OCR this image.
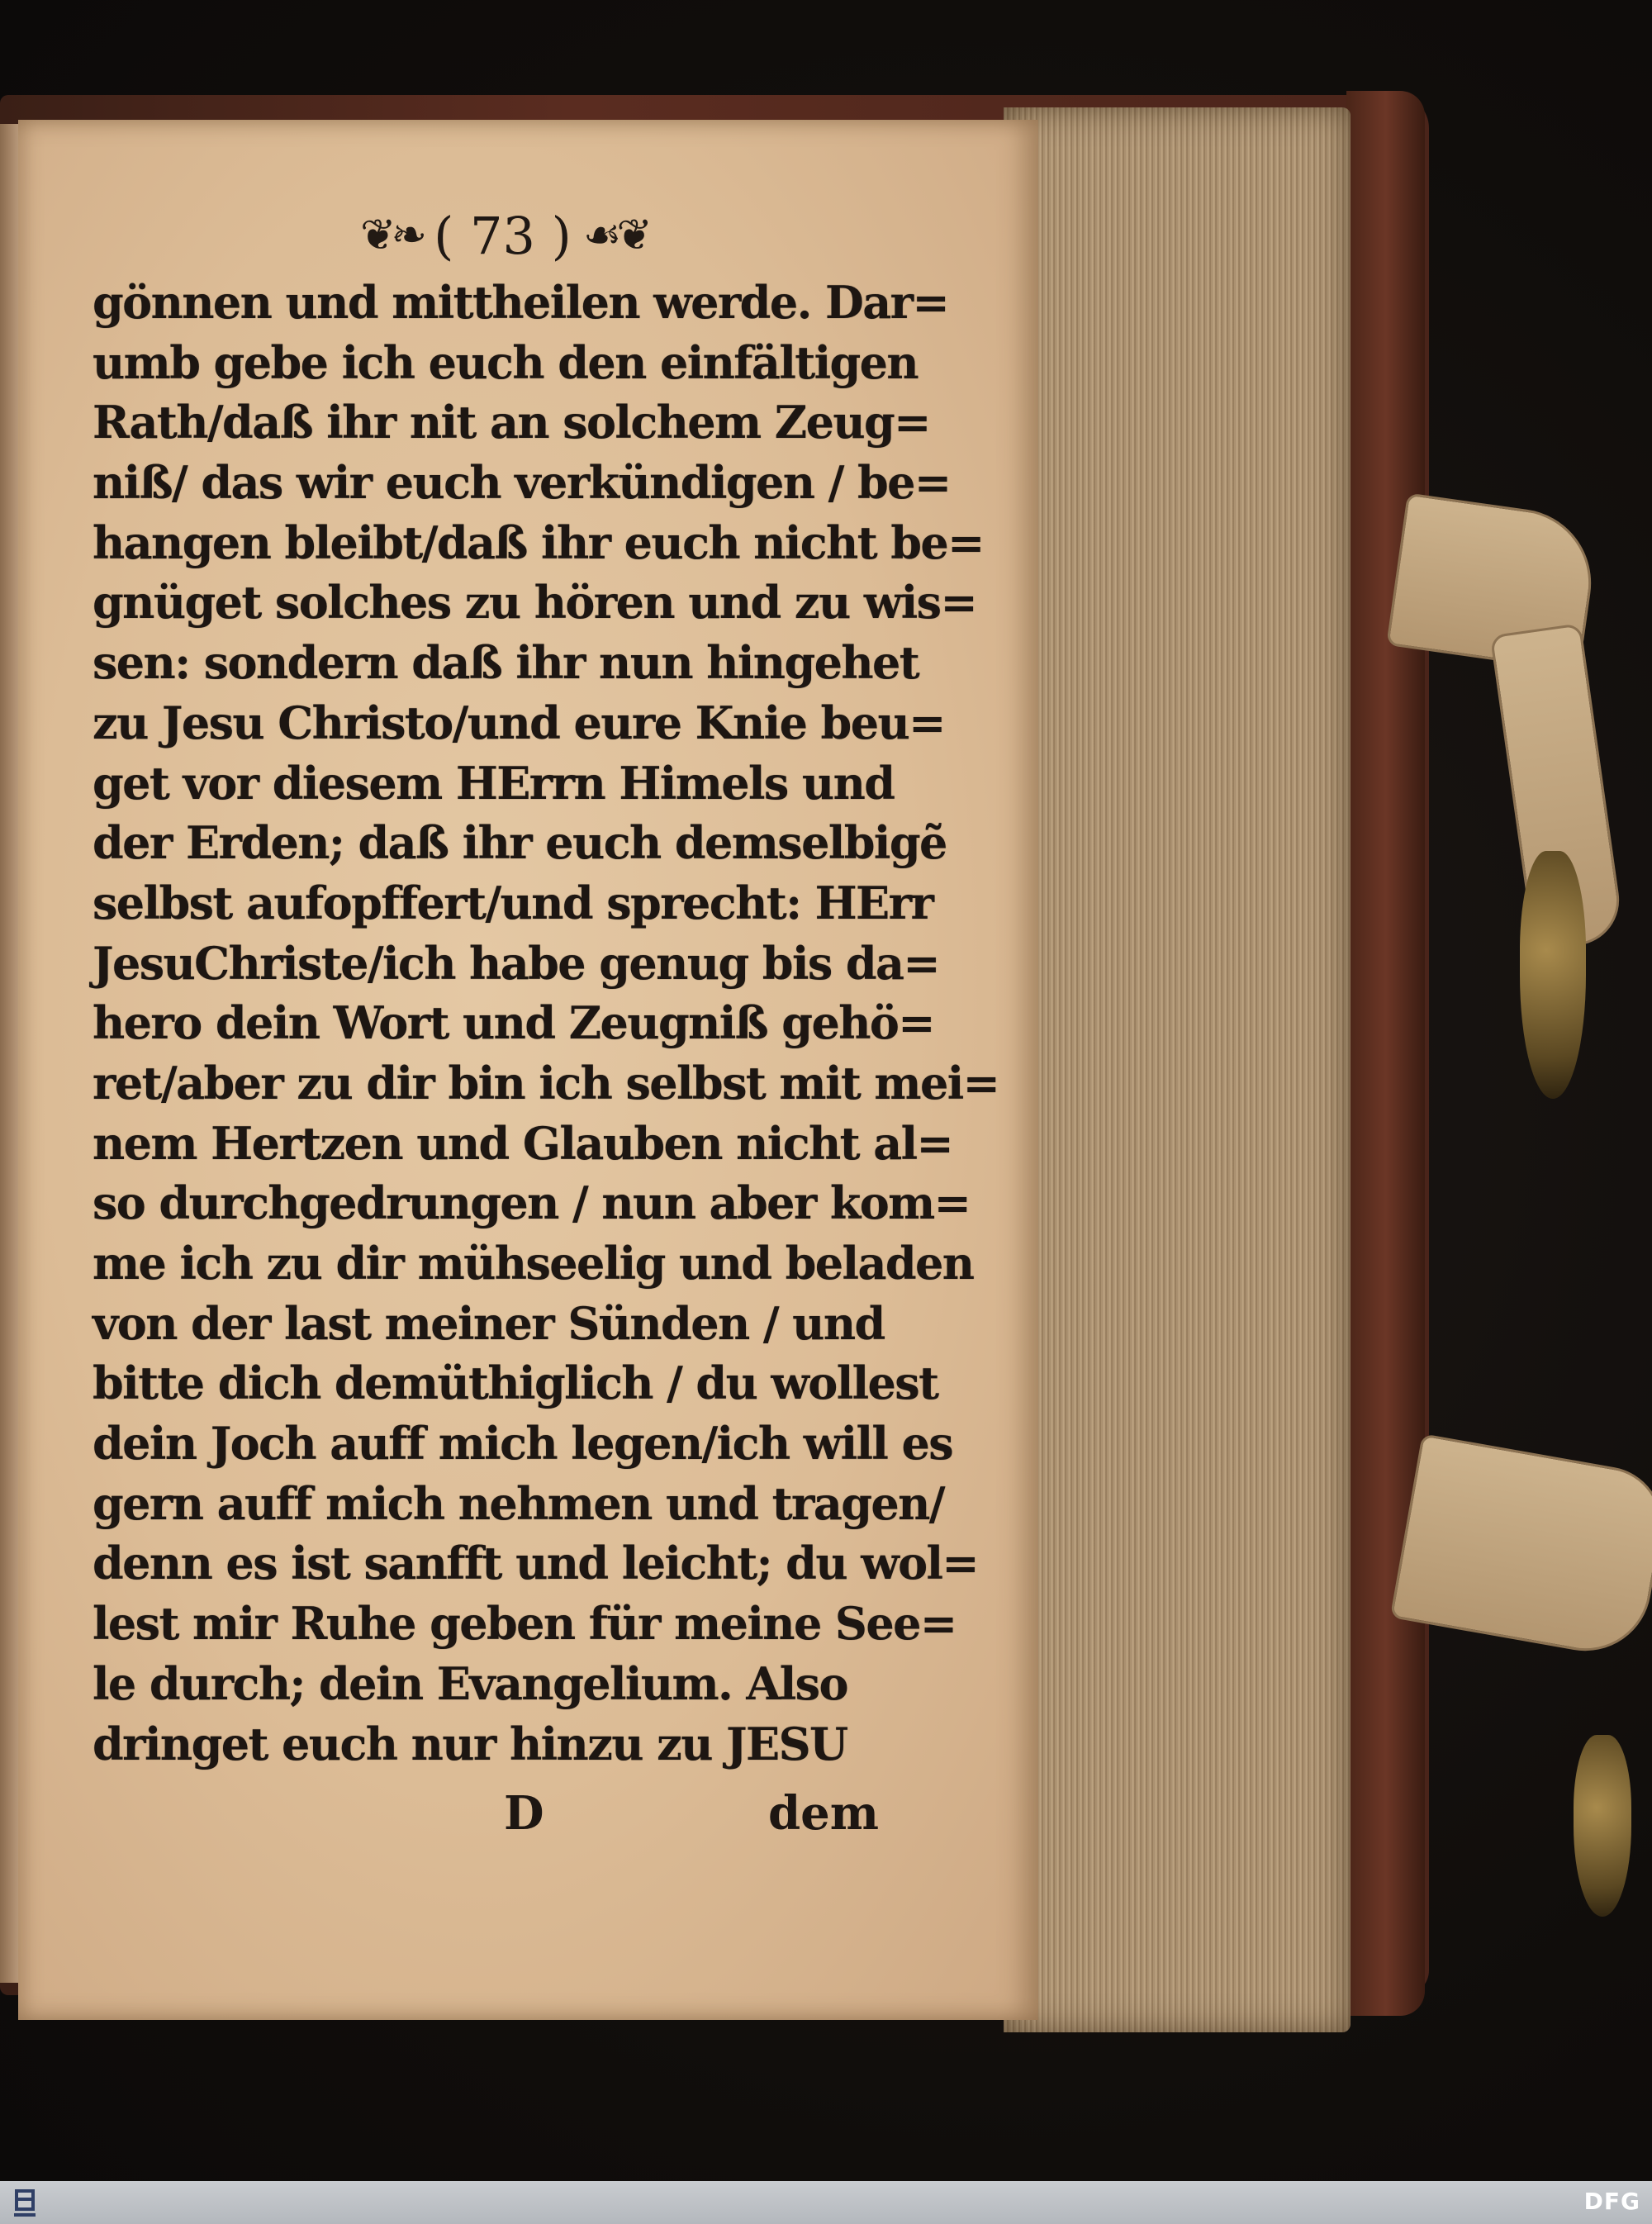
❦❧ ( 73 ) ☙❦
gönnen und mittheilen werde. Dar=
umb gebe ich euch den einfältigen
Rath/daß ihr nit an solchem Zeug=
niß/ das wir euch verkündigen / be=
hangen bleibt/daß ihr euch nicht be=
gnüget solches zu hören und zu wis=
sen: sondern daß ihr nun hingehet
zu Jesu Christo/und eure Knie beu=
get vor diesem HErrn Himels und
der Erden; daß ihr euch demselbigẽ
selbst aufopffert/und sprecht: HErr
JesuChriste/ich habe genug bis da=
hero dein Wort und Zeugniß gehö=
ret/aber zu dir bin ich selbst mit mei=
nem Hertzen und Glauben nicht al=
so durchgedrungen / nun aber kom=
me ich zu dir mühseelig und beladen
von der last meiner Sünden / und
bitte dich demüthiglich / du wollest
dein Joch auff mich legen/ich will es
gern auff mich nehmen und tragen/
denn es ist sanfft und leicht; du wol=
lest mir Ruhe geben für meine See=
le durch; dein Evangelium. Also
dringet euch nur hinzu zu JESU
D	dem
DFG
